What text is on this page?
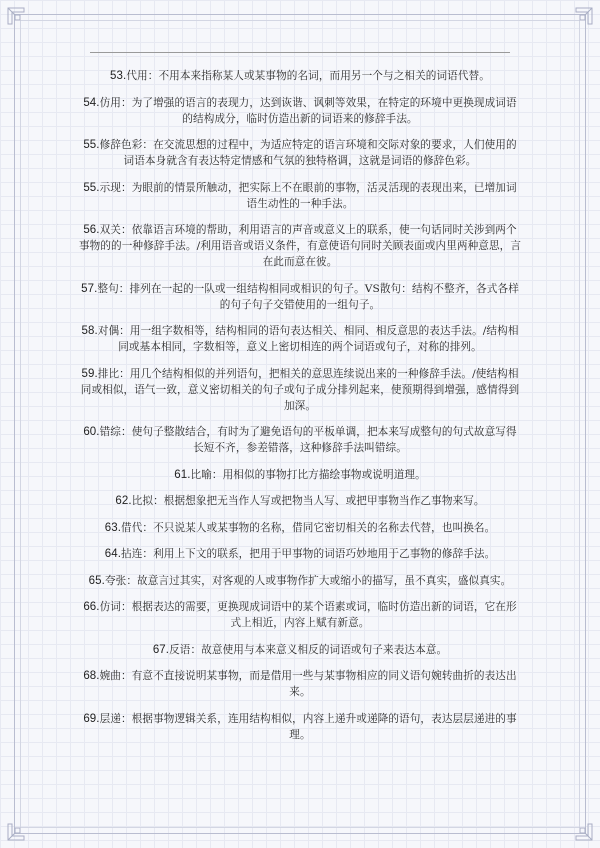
53.代用：不用本来指称某人或某事物的名词，而用另一个与之相关的词语代替。

54.仿用：为了增强的语言的表现力，达到诙谐、讽刺等效果，在特定的环境中更换现成词语的结构成分，临时仿造出新的词语来的修辞手法。

55.修辞色彩：在交流思想的过程中，为适应特定的语言环境和交际对象的要求，人们使用的词语本身就含有表达特定情感和气氛的独特格调，这就是词语的修辞色彩。

55.示现：为眼前的情景所触动，把实际上不在眼前的事物，活灵活现的表现出来，已增加词语生动性的一种手法。

56.双关：依靠语言环境的帮助，利用语言的声音或意义上的联系，使一句话同时关涉到两个事物的的一种修辞手法。/利用语音或语义条件，有意使语句同时关顾表面或内里两种意思，言在此而意在彼。

57.整句：排列在一起的一队或一组结构相同或相识的句子。VS散句：结构不整齐，各式各样的句子句子交错使用的一组句子。

58.对偶：用一组字数相等，结构相同的语句表达相关、相同、相反意思的表达手法。/结构相同或基本相同，字数相等，意义上密切相连的两个词语或句子，对称的排列。

59.排比：用几个结构相似的并列语句，把相关的意思连续说出来的一种修辞手法。/使结构相同或相似，语气一致，意义密切相关的句子或句子成分排列起来，使预期得到增强，感情得到加深。

60.错综：使句子整散结合，有时为了避免语句的平板单调，把本来写成整句的句式故意写得长短不齐，参差错落，这种修辞手法叫错综。

61.比喻：用相似的事物打比方描绘事物或说明道理。

62.比拟：根据想象把无当作人写或把物当人写、或把甲事物当作乙事物来写。

63.借代：不只说某人或某事物的名称，借同它密切相关的名称去代替，也叫换名。

64.拈连：利用上下文的联系，把用于甲事物的词语巧妙地用于乙事物的修辞手法。

65.夸张：故意言过其实，对客观的人或事物作扩大或缩小的描写，虽不真实，盛似真实。

66.仿词：根据表达的需要，更换现成词语中的某个语素或词，临时仿造出新的词语，它在形式上相近，内容上赋有新意。

67.反语：故意使用与本来意义相反的词语或句子来表达本意。

68.婉曲：有意不直接说明某事物，而是借用一些与某事物相应的同义语句婉转曲折的表达出来。

69.层递：根据事物逻辑关系，连用结构相似，内容上递升或递降的语句，表达层层递进的事理。
